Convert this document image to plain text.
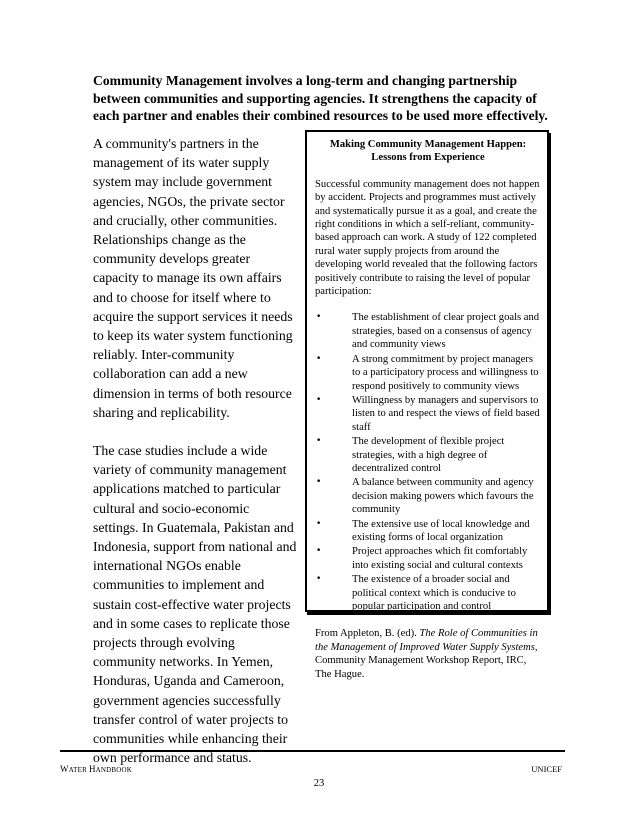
Community Management involves a long-term and changing partnership between communities and supporting agencies. It strengthens the capacity of each partner and enables their combined resources to be used more effectively.

A community's partners in the management of its water supply system may include government agencies, NGOs, the private sector and crucially, other communities. Relationships change as the community develops greater capacity to manage its own affairs and to choose for itself where to acquire the support services it needs to keep its water system functioning reliably. Inter-community collaboration can add a new dimension in terms of both resource sharing and replicability.

The case studies include a wide variety of community management applications matched to particular cultural and socio-economic settings. In Guatemala, Pakistan and Indonesia, support from national and international NGOs enable communities to implement and sustain cost-effective water projects and in some cases to replicate those projects through evolving community networks. In Yemen, Honduras, Uganda and Cameroon, government agencies successfully transfer control of water projects to communities while enhancing their own performance and status.

Making Community Management Happen: Lessons from Experience

Successful community management does not happen by accident. Projects and programmes must actively and systematically pursue it as a goal, and create the right conditions in which a self-reliant, community-based approach can work. A study of 122 completed rural water supply projects from around the developing world revealed that the following factors positively contribute to raising the level of popular participation:

•	The establishment of clear project goals and strategies, based on a consensus of agency and community views
•	A strong commitment by project managers to a participatory process and willingness to respond positively to community views
•	Willingness by managers and supervisors to listen to and respect the views of field based staff
•	The development of flexible project strategies, with a high degree of decentralized control
•	A balance between community and agency decision making powers which favours the community
•	The extensive use of local knowledge and existing forms of local organization
•	Project approaches which fit comfortably into existing social and cultural contexts
•	The existence of a broader social and political context which is conducive to popular participation and control

From Appleton, B. (ed). The Role of Communities in the Management of Improved Water Supply Systems, Community Management Workshop Report, IRC, The Hague.

WATER HANDBOOK	UNICEF
23
